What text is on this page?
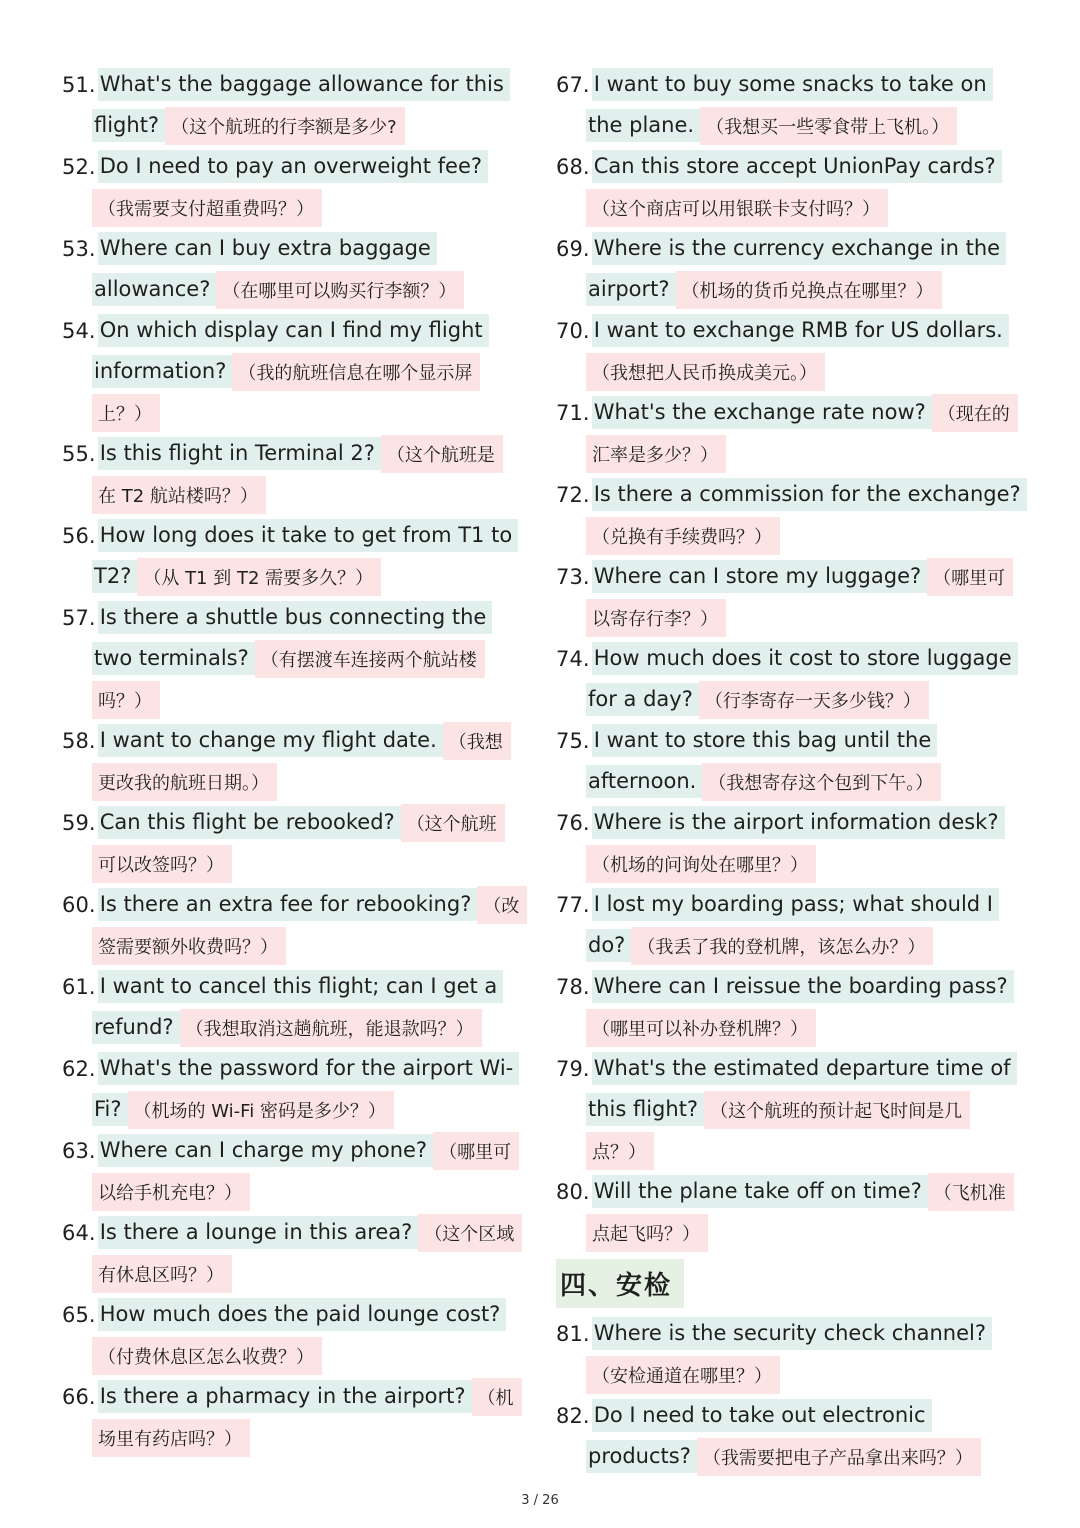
51. What's the baggage allowance for this
flight? （这个航班的行李额是多少?
52. Do I need to pay an overweight fee?
（我需要支付超重费吗？）
53. Where can I buy extra baggage
allowance? （在哪里可以购买行李额？）
54. On which display can I find my flight
information? （我的航班信息在哪个显示屏
上？）
55. Is this flight in Terminal 2? （这个航班是
在 T2 航站楼吗？）
56. How long does it take to get from T1 to
T2? （从 T1 到 T2 需要多久？）
57. Is there a shuttle bus connecting the
two terminals? （有摆渡车连接两个航站楼
吗？）
58. I want to change my flight date. （我想
更改我的航班日期。）
59. Can this flight be rebooked? （这个航班
可以改签吗？）
60. Is there an extra fee for rebooking? （改
签需要额外收费吗？）
61. I want to cancel this flight; can I get a
refund? （我想取消这趟航班，能退款吗？）
62. What's the password for the airport Wi-
Fi? （机场的 Wi-Fi 密码是多少？）
63. Where can I charge my phone? （哪里可
以给手机充电？）
64. Is there a lounge in this area? （这个区域
有休息区吗？）
65. How much does the paid lounge cost?
（付费休息区怎么收费？）
66. Is there a pharmacy in the airport? （机
场里有药店吗？）
67. I want to buy some snacks to take on
the plane. （我想买一些零食带上飞机。）
68. Can this store accept UnionPay cards?
（这个商店可以用银联卡支付吗？）
69. Where is the currency exchange in the
airport? （机场的货币兑换点在哪里？）
70. I want to exchange RMB for US dollars.
（我想把人民币换成美元。）
71. What's the exchange rate now? （现在的
汇率是多少？）
72. Is there a commission for the exchange?
（兑换有手续费吗？）
73. Where can I store my luggage? （哪里可
以寄存行李？）
74. How much does it cost to store luggage
for a day? （行李寄存一天多少钱？）
75. I want to store this bag until the
afternoon. （我想寄存这个包到下午。）
76. Where is the airport information desk?
（机场的问询处在哪里？）
77. I lost my boarding pass; what should I
do? （我丢了我的登机牌，该怎么办？）
78. Where can I reissue the boarding pass?
（哪里可以补办登机牌？）
79. What's the estimated departure time of
this flight? （这个航班的预计起飞时间是几
点？）
80. Will the plane take off on time? （飞机准
点起飞吗？）
四、安检
81. Where is the security check channel?
（安检通道在哪里？）
82. Do I need to take out electronic
products? （我需要把电子产品拿出来吗？）
3 / 26
